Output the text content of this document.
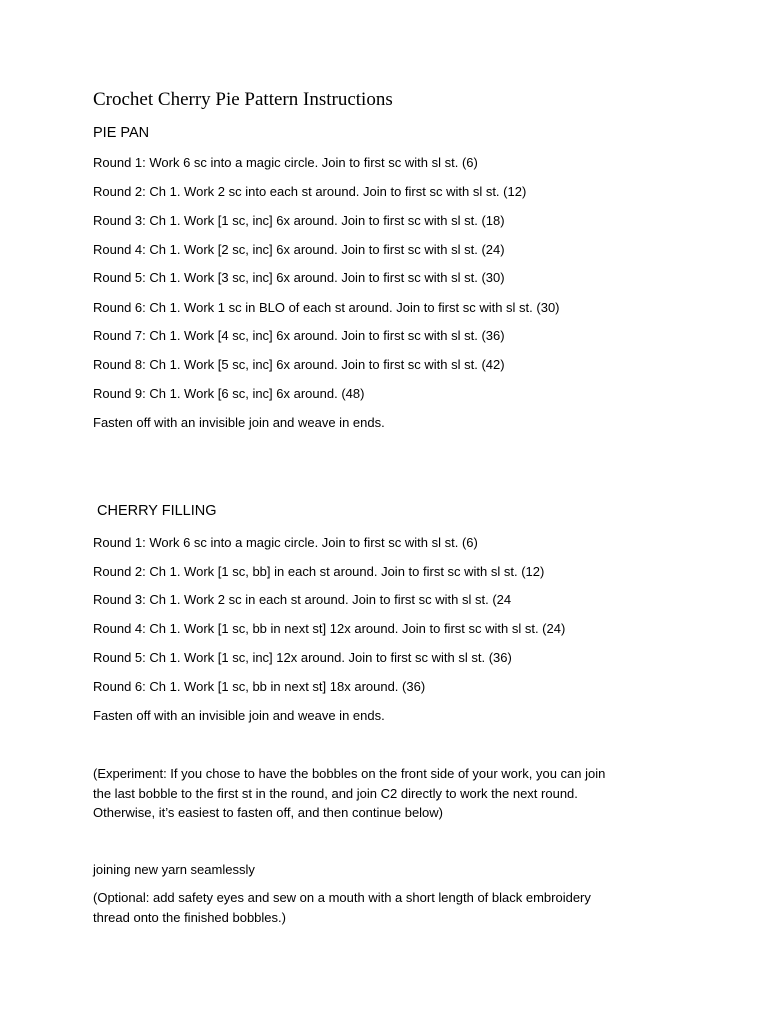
Crochet Cherry Pie Pattern Instructions
PIE PAN
Round 1: Work 6 sc into a magic circle. Join to first sc with sl st. (6)
Round 2: Ch 1. Work 2 sc into each st around. Join to first sc with sl st. (12)
Round 3: Ch 1. Work [1 sc, inc] 6x around. Join to first sc with sl st. (18)
Round 4: Ch 1. Work [2 sc, inc] 6x around. Join to first sc with sl st. (24)
Round 5: Ch 1. Work [3 sc, inc] 6x around. Join to first sc with sl st. (30)
Round 6: Ch 1. Work 1 sc in BLO of each st around. Join to first sc with sl st. (30)
Round 7: Ch 1. Work [4 sc, inc] 6x around. Join to first sc with sl st. (36)
Round 8: Ch 1. Work [5 sc, inc] 6x around. Join to first sc with sl st. (42)
Round 9: Ch 1. Work [6 sc, inc] 6x around. (48)
Fasten off with an invisible join and weave in ends.
CHERRY FILLING
Round 1: Work 6 sc into a magic circle. Join to first sc with sl st. (6)
Round 2: Ch 1. Work [1 sc, bb] in each st around. Join to first sc with sl st. (12)
Round 3: Ch 1. Work 2 sc in each st around. Join to first sc with sl st. (24
Round 4: Ch 1. Work [1 sc, bb in next st] 12x around. Join to first sc with sl st. (24)
Round 5: Ch 1. Work [1 sc, inc] 12x around. Join to first sc with sl st. (36)
Round 6: Ch 1. Work [1 sc, bb in next st] 18x around. (36)
Fasten off with an invisible join and weave in ends.
(Experiment: If you chose to have the bobbles on the front side of your work, you can join
the last bobble to the first st in the round, and join C2 directly to work the next round.
Otherwise, it’s easiest to fasten off, and then continue below)
joining new yarn seamlessly
(Optional: add safety eyes and sew on a mouth with a short length of black embroidery
thread onto the finished bobbles.)
